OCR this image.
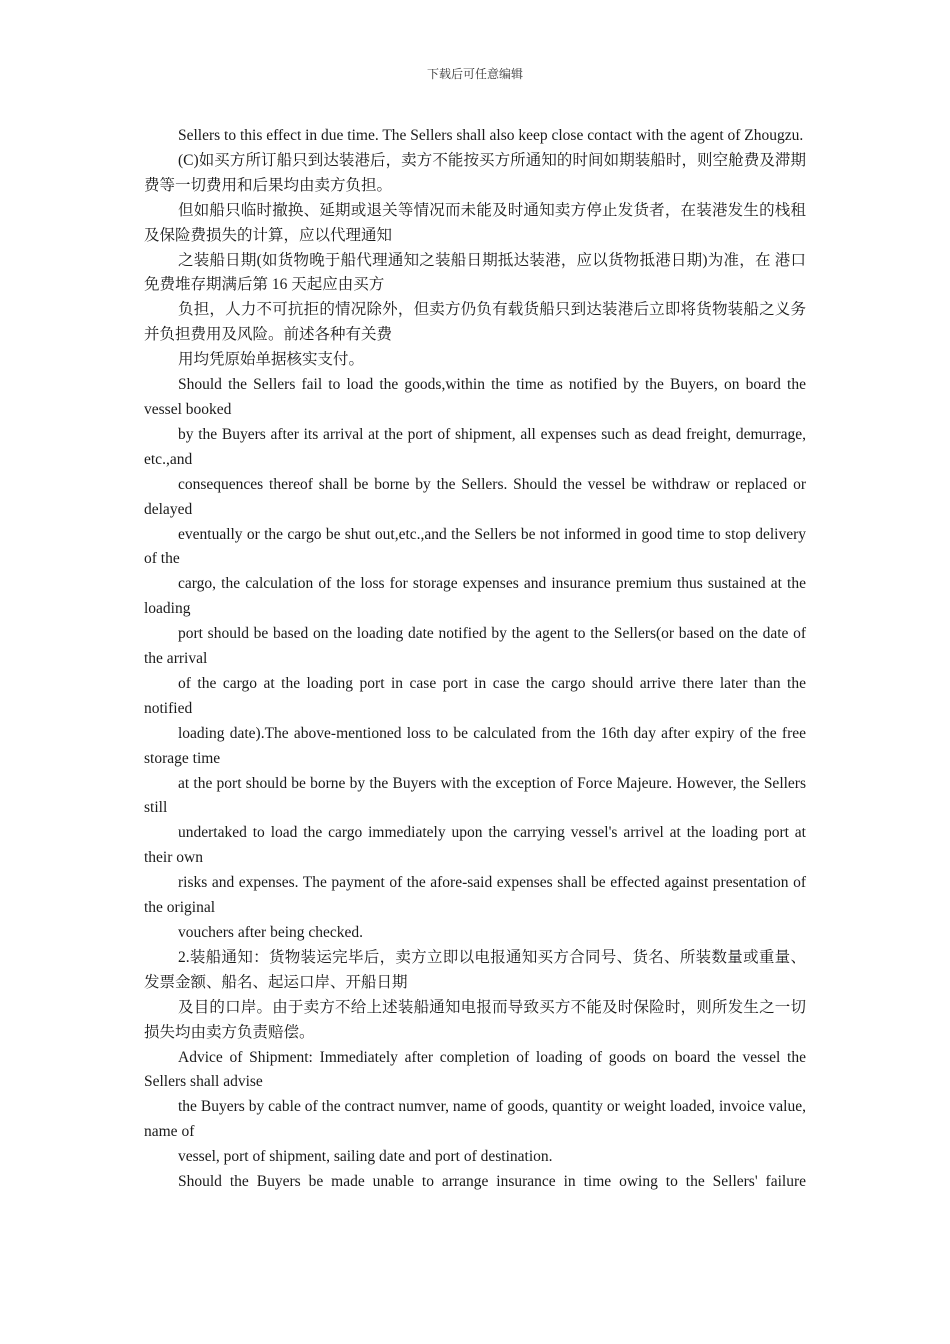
下载后可任意编辑

Sellers to this effect in due time. The Sellers shall also keep close contact with the agent of Zhougzu.

(C)如买方所订船只到达装港后，卖方不能按买方所通知的时间如期装船时，则空舱费及滞期费等一切费用和后果均由卖方负担。

但如船只临时撤换、延期或退关等情况而未能及时通知卖方停止发货者，在装港发生的栈租及保险费损失的计算，应以代理通知

之装船日期(如货物晚于船代理通知之装船日期抵达装港，应以货物抵港日期)为准，在 港口免费堆存期满后第 16 天起应由买方

负担，人力不可抗拒的情况除外，但卖方仍负有载货船只到达装港后立即将货物装船之义务并负担费用及风险。前述各种有关费

用均凭原始单据核实支付。

Should the Sellers fail to load the goods,within the time as notified by the Buyers, on board the vessel booked

by the Buyers after its arrival at the port of shipment, all expenses such as dead freight, demurrage, etc.,and

consequences thereof shall be borne by the Sellers. Should the vessel be withdraw or replaced or delayed

eventually or the cargo be shut out,etc.,and the Sellers be not informed in good time to stop delivery of the

cargo, the calculation of the loss for storage expenses and insurance premium thus sustained at the loading

port should be based on the loading date notified by the agent to the Sellers(or based on the date of the arrival

of the cargo at the loading port in case port in case the cargo should arrive there later than the notified

loading date).The above-mentioned loss to be calculated from the 16th day after expiry of the free storage time

at the port should be borne by the Buyers with the exception of Force Majeure. However, the Sellers still

undertaked to load the cargo immediately upon the carrying vessel's arrivel at the loading port at their own

risks and expenses. The payment of the afore-said expenses shall be effected against presentation of the original

vouchers after being checked.

2.装船通知：货物装运完毕后，卖方立即以电报通知买方合同号、货名、所装数量或重量、发票金额、船名、起运口岸、开船日期

及目的口岸。由于卖方不给上述装船通知电报而导致买方不能及时保险时，则所发生之一切损失均由卖方负责赔偿。

Advice of Shipment: Immediately after completion of loading of goods on board the vessel the Sellers shall advise

the Buyers by cable of the contract numver, name of goods, quantity or weight loaded, invoice value, name of

vessel, port of shipment, sailing date and port of destination.

Should the Buyers be made unable to arrange insurance in time owing to the Sellers' failure
